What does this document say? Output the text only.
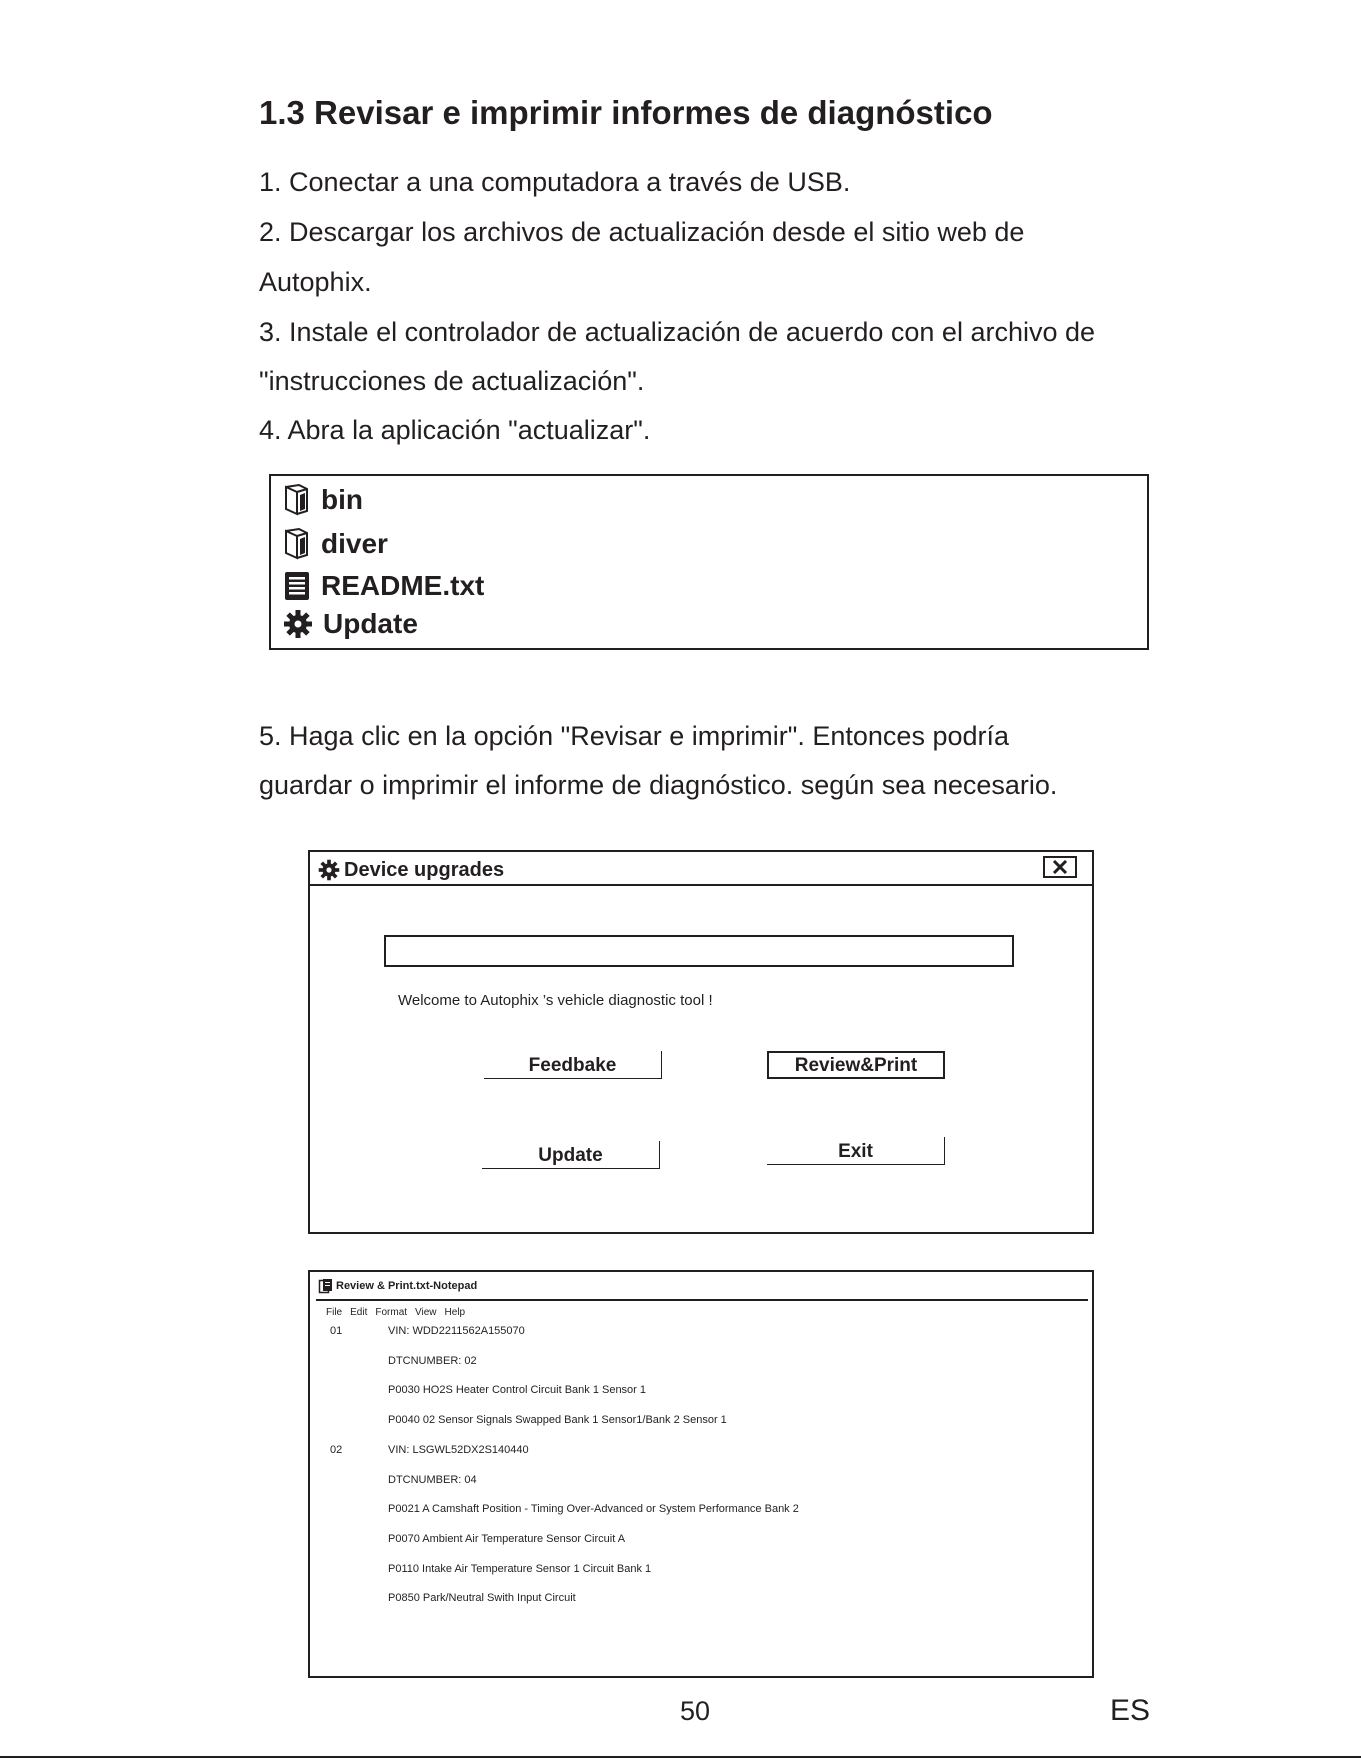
1.3 Revisar e imprimir informes de diagnóstico
1. Conectar a una computadora a través de USB.
2. Descargar los archivos de actualización desde el sitio web de
Autophix.
3. Instale el controlador de actualización de acuerdo con el archivo de
"instrucciones de actualización".
4. Abra la aplicación "actualizar".
bin
diver
README.txt
Update
5. Haga clic en la opción "Revisar e imprimir". Entonces podría
guardar o imprimir el informe de diagnóstico. según sea necesario.
Device upgrades
Welcome to Autophix ’s vehicle diagnostic tool !
Feedbake	Review&Print
Update	Exit
Review & Print.txt-Notepad
File Edit Format View Help
01	VIN: WDD2211562A155070
DTCNUMBER: 02
P0030 HO2S Heater Control Circuit Bank 1 Sensor 1
P0040 02 Sensor Signals Swapped Bank 1 Sensor1/Bank 2 Sensor 1
02	VIN: LSGWL52DX2S140440
DTCNUMBER: 04
P0021 A Camshaft Position - Timing Over-Advanced or System Performance Bank 2
P0070 Ambient Air Temperature Sensor Circuit A
P0110 Intake Air Temperature Sensor 1 Circuit Bank 1
P0850 Park/Neutral Swith Input Circuit
50	ES
